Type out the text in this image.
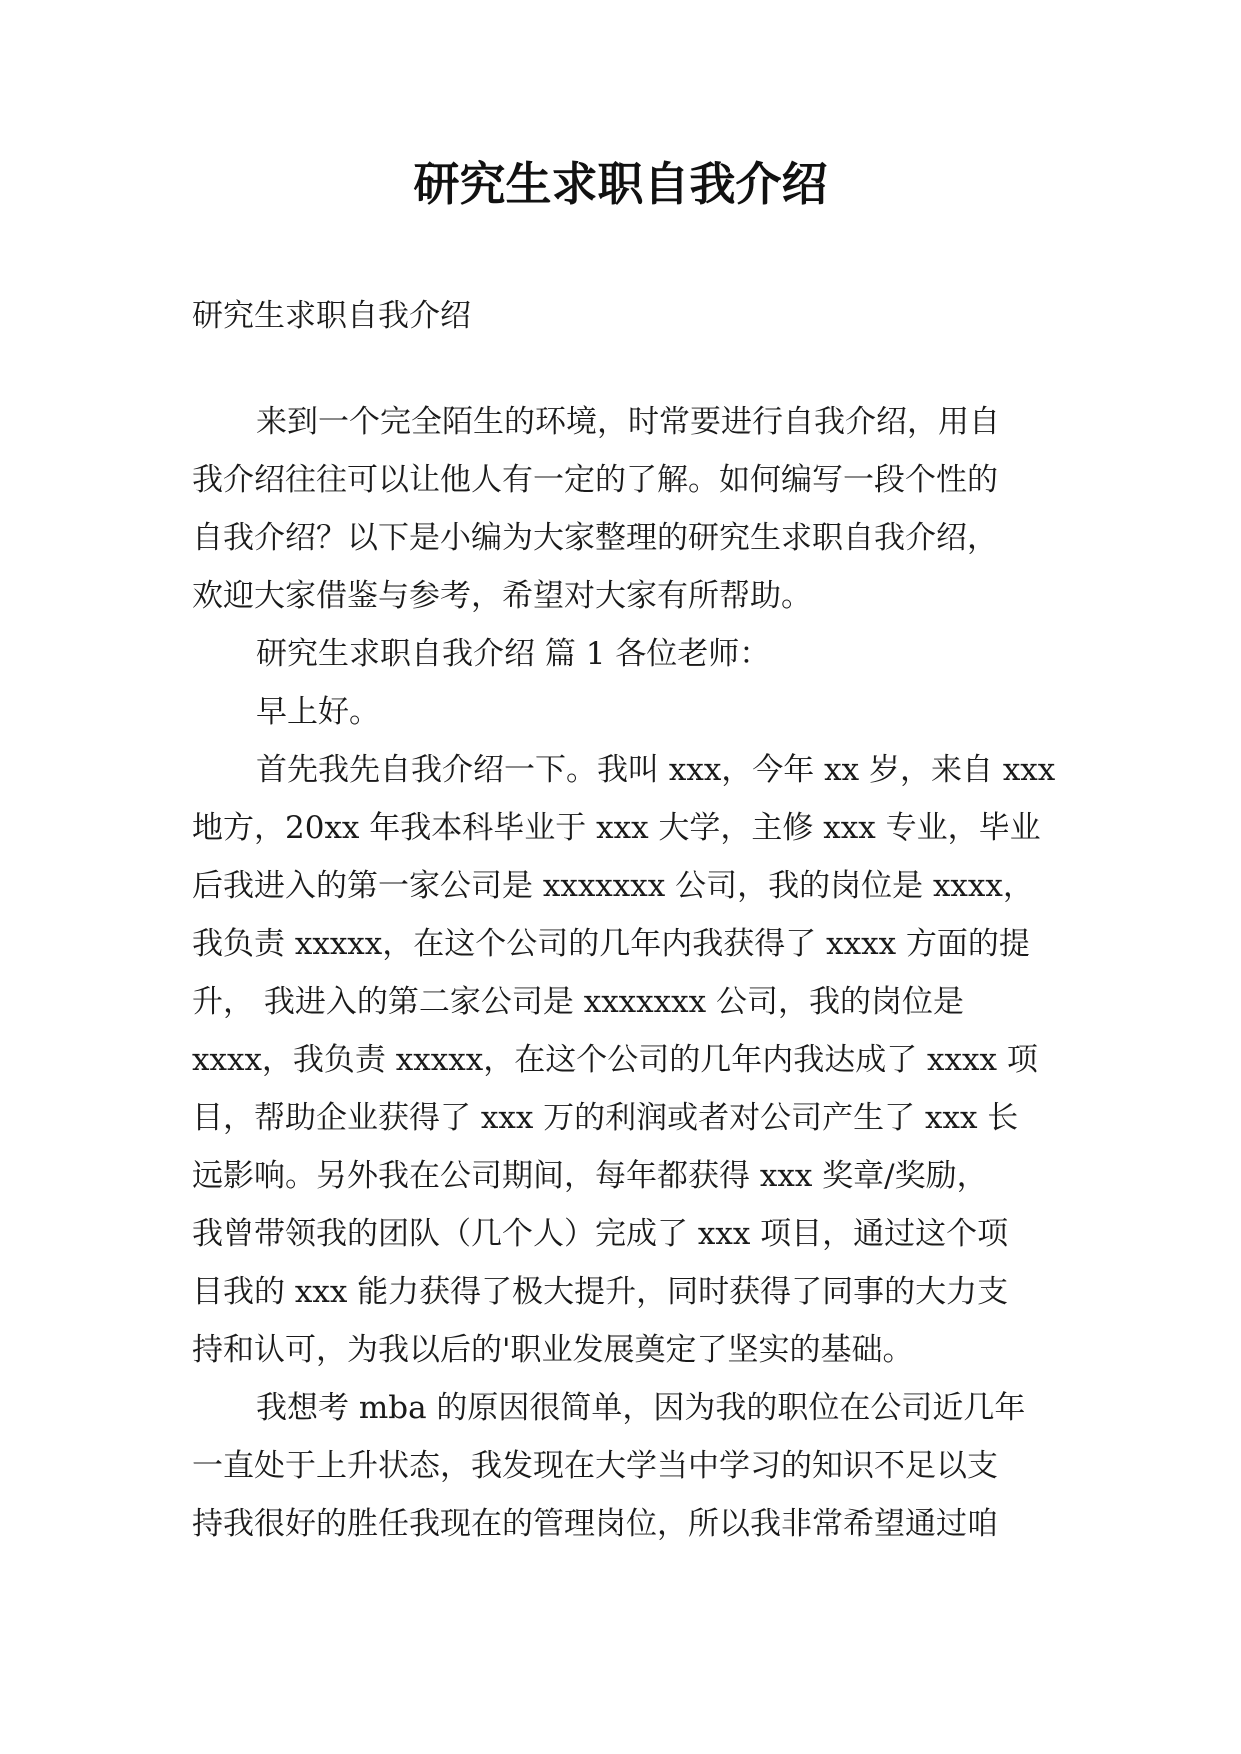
研究生求职自我介绍
研究生求职自我介绍
来到一个完全陌生的环境，时常要进行自我介绍，用自
我介绍往往可以让他人有一定的了解。如何编写一段个性的
自我介绍？以下是小编为大家整理的研究生求职自我介绍，
欢迎大家借鉴与参考，希望对大家有所帮助。
研究生求职自我介绍 篇 1 各位老师：
早上好。
首先我先自我介绍一下。我叫 xxx，今年 xx 岁，来自 xxx
地方，20xx 年我本科毕业于 xxx 大学，主修 xxx 专业，毕业
后我进入的第一家公司是 xxxxxxx 公司，我的岗位是 xxxx，
我负责 xxxxx，在这个公司的几年内我获得了 xxxx 方面的提
升， 我进入的第二家公司是 xxxxxxx 公司，我的岗位是
xxxx，我负责 xxxxx，在这个公司的几年内我达成了 xxxx 项
目，帮助企业获得了 xxx 万的利润或者对公司产生了 xxx 长
远影响。另外我在公司期间，每年都获得 xxx 奖章/奖励，
我曾带领我的团队（几个人）完成了 xxx 项目，通过这个项
目我的 xxx 能力获得了极大提升，同时获得了同事的大力支
持和认可，为我以后的'职业发展奠定了坚实的基础。
我想考 mba 的原因很简单，因为我的职位在公司近几年
一直处于上升状态，我发现在大学当中学习的知识不足以支
持我很好的胜任我现在的管理岗位，所以我非常希望通过咱
